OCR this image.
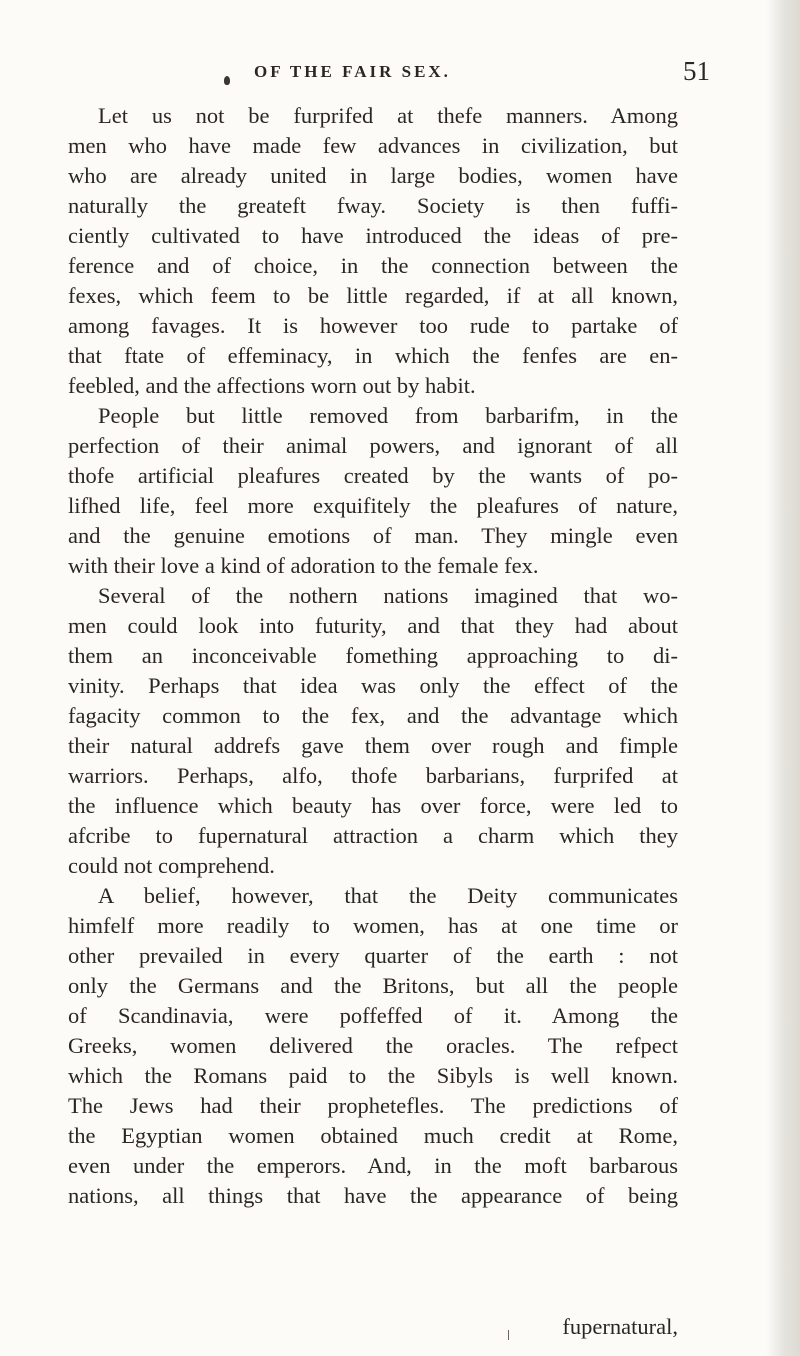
OF THE FAIR SEX.	51
Let us not be furprifed at thefe manners. Among
men who have made few advances in civilization, but
who are already united in large bodies, women have
naturally the greateft fway. Society is then fuffi-
ciently cultivated to have introduced the ideas of pre-
ference and of choice, in the connection between the
fexes, which feem to be little regarded, if at all known,
among favages. It is however too rude to partake of
that ftate of effeminacy, in which the fenfes are en-
feebled, and the affections worn out by habit.
People but little removed from barbarifm, in the
perfection of their animal powers, and ignorant of all
thofe artificial pleafures created by the wants of po-
lifhed life, feel more exquifitely the pleafures of nature,
and the genuine emotions of man. They mingle even
with their love a kind of adoration to the female fex.
Several of the nothern nations imagined that wo-
men could look into futurity, and that they had about
them an inconceivable fomething approaching to di-
vinity. Perhaps that idea was only the effect of the
fagacity common to the fex, and the advantage which
their natural addrefs gave them over rough and fimple
warriors. Perhaps, alfo, thofe barbarians, furprifed at
the influence which beauty has over force, were led to
afcribe to fupernatural attraction a charm which they
could not comprehend.
A belief, however, that the Deity communicates
himfelf more readily to women, has at one time or
other prevailed in every quarter of the earth : not
only the Germans and the Britons, but all the people
of Scandinavia, were poffeffed of it. Among the
Greeks, women delivered the oracles. The refpect
which the Romans paid to the Sibyls is well known.
The Jews had their prophetefles. The predictions of
the Egyptian women obtained much credit at Rome,
even under the emperors. And, in the moft barbarous
nations, all things that have the appearance of being
fupernatural,
